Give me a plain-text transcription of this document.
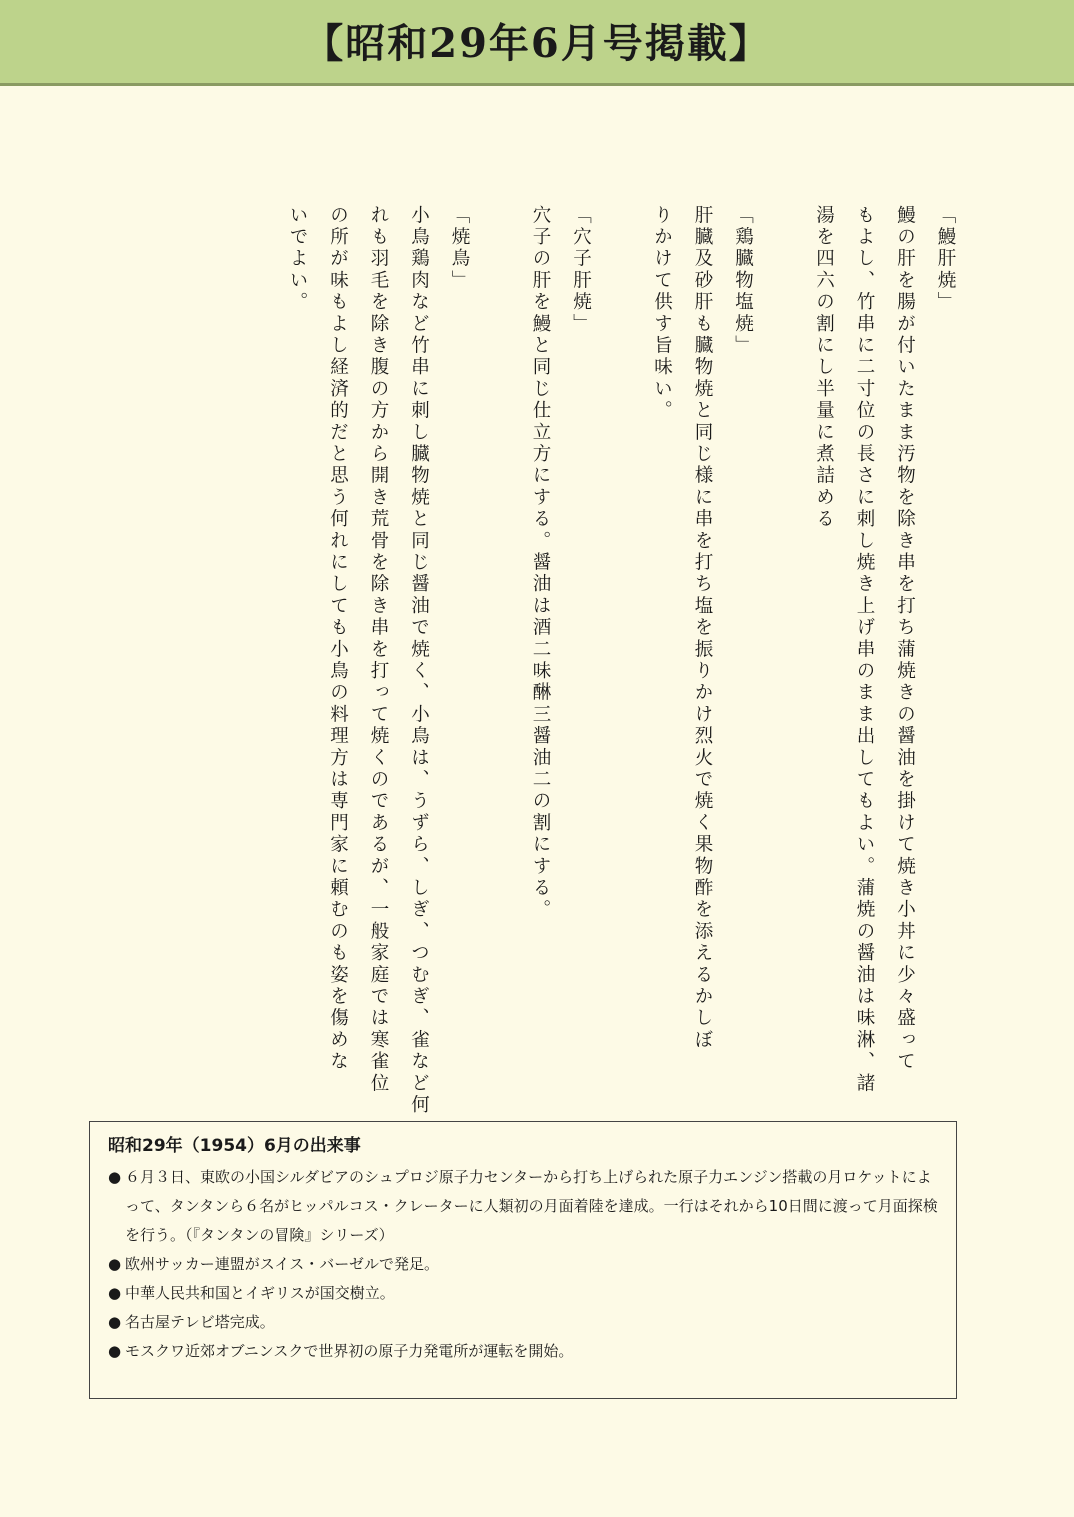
【昭和29年6月号掲載】
「鰻肝焼」
鰻の肝を腸が付いたまま汚物を除き串を打ち蒲焼きの醤油を掛けて焼き小丼に少々盛って
もよし、竹串に二寸位の長さに刺し焼き上げ串のまま出してもよい。蒲焼の醤油は味淋、諸
湯を四六の割にし半量に煮詰める
「鶏臓物塩焼」
肝臓及砂肝も臓物焼と同じ様に串を打ち塩を振りかけ烈火で焼く果物酢を添えるかしぼ
りかけて供す旨味い。
「穴子肝焼」
穴子の肝を鰻と同じ仕立方にする。醤油は酒二味醂三醤油二の割にする。
「焼鳥」
小鳥鶏肉など竹串に刺し臓物焼と同じ醤油で焼く、小鳥は、うずら、しぎ、つむぎ、雀など何
れも羽毛を除き腹の方から開き荒骨を除き串を打って焼くのであるが、一般家庭では寒雀位
の所が味もよし経済的だと思う何れにしても小鳥の料理方は専門家に頼むのも姿を傷めな
いでよい。
昭和29年（1954）6月の出来事
● ６月３日、東欧の小国シルダビアのシュプロジ原子力センターから打ち上げられた原子力エンジン搭載の月ロケットによって、タンタンら６名がヒッパルコス・クレーターに人類初の月面着陸を達成。一行はそれから10日間に渡って月面探検を行う。（『タンタンの冒険』シリーズ）
● 欧州サッカー連盟がスイス・バーゼルで発足。
● 中華人民共和国とイギリスが国交樹立。
● 名古屋テレビ塔完成。
● モスクワ近郊オブニンスクで世界初の原子力発電所が運転を開始。
